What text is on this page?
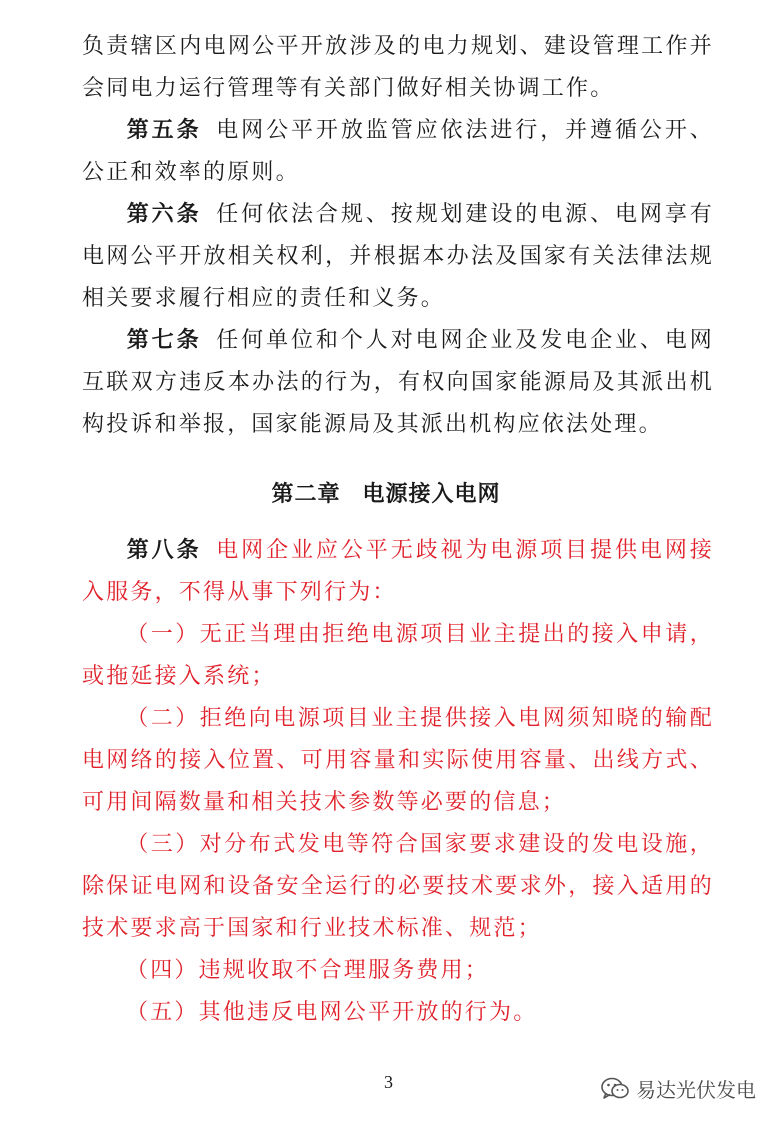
负责辖区内电网公平开放涉及的电力规划、建设管理工作并会同电力运行管理等有关部门做好相关协调工作。

第五条 电网公平开放监管应依法进行，并遵循公开、公正和效率的原则。

第六条 任何依法合规、按规划建设的电源、电网享有电网公平开放相关权利，并根据本办法及国家有关法律法规相关要求履行相应的责任和义务。

第七条 任何单位和个人对电网企业及发电企业、电网互联双方违反本办法的行为，有权向国家能源局及其派出机构投诉和举报，国家能源局及其派出机构应依法处理。

第二章 电源接入电网

第八条 电网企业应公平无歧视为电源项目提供电网接入服务，不得从事下列行为：

（一）无正当理由拒绝电源项目业主提出的接入申请，或拖延接入系统；

（二）拒绝向电源项目业主提供接入电网须知晓的输配电网络的接入位置、可用容量和实际使用容量、出线方式、可用间隔数量和相关技术参数等必要的信息；

（三）对分布式发电等符合国家要求建设的发电设施，除保证电网和设备安全运行的必要技术要求外，接入适用的技术要求高于国家和行业技术标准、规范；

（四）违规收取不合理服务费用；

（五）其他违反电网公平开放的行为。

3	易达光伏发电
